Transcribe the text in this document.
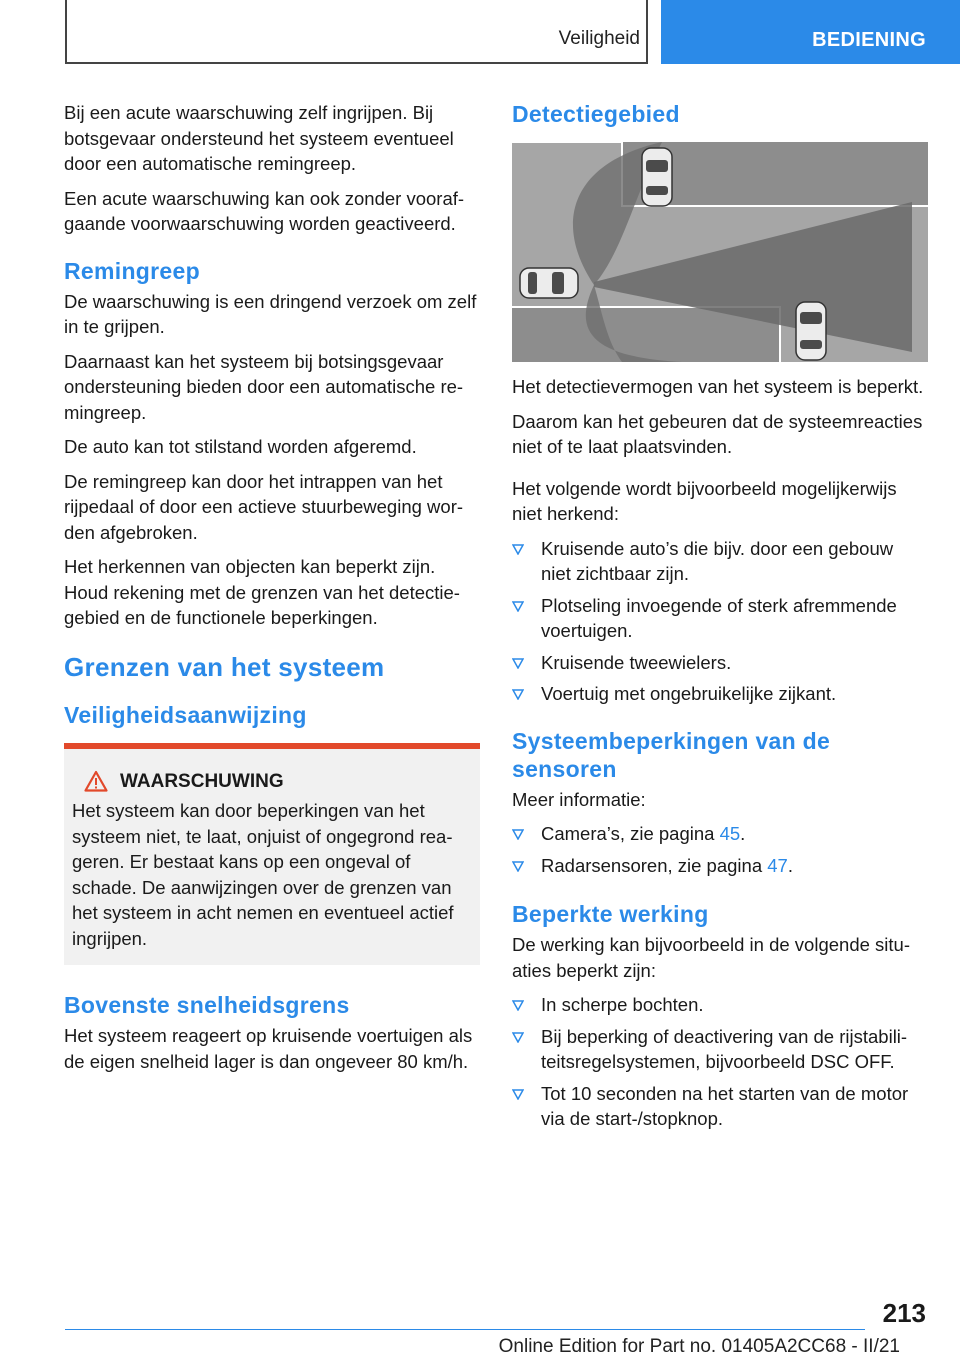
Veiligheid	BEDIENING

Bij een acute waarschuwing zelf ingrijpen. Bij botsgevaar ondersteund het systeem eventueel door een automatische remingreep.

Een acute waarschuwing kan ook zonder voorafgaande voorwaarschuwing worden geactiveerd.

Remingreep

De waarschuwing is een dringend verzoek om zelf in te grijpen.

Daarnaast kan het systeem bij botsingsgevaar ondersteuning bieden door een automatische remingreep.

De auto kan tot stilstand worden afgeremd.

De remingreep kan door het intrappen van het rijpedaal of door een actieve stuurbeweging worden afgebroken.

Het herkennen van objecten kan beperkt zijn. Houd rekening met de grenzen van het detectiegebied en de functionele beperkingen.

Grenzen van het systeem
Veiligheidsaanwijzing
WAARSCHUWING

Het systeem kan door beperkingen van het systeem niet, te laat, onjuist of ongegrond reageren. Er bestaat kans op een ongeval of schade. De aanwijzingen over de grenzen van het systeem in acht nemen en eventueel actief ingrijpen.

Bovenste snelheidsgrens

Het systeem reageert op kruisende voertuigen als de eigen snelheid lager is dan ongeveer 80 km/h.

Detectiegebied

Het detectievermogen van het systeem is beperkt.

Daarom kan het gebeuren dat de systeemreacties niet of te laat plaatsvinden.

Het volgende wordt bijvoorbeeld mogelijkerwijs niet herkend:

Kruisende auto’s die bijv. door een gebouw niet zichtbaar zijn.
Plotseling invoegende of sterk afremmende voertuigen.
Kruisende tweewielers.
Voertuig met ongebruikelijke zijkant.
Systeembeperkingen van de sensoren

Meer informatie:

Camera’s, zie pagina 45.
Radarsensoren, zie pagina 47.
Beperkte werking

De werking kan bijvoorbeeld in de volgende situaties beperkt zijn:

In scherpe bochten.
Bij beperking of deactivering van de rijstabiliteitsregelsystemen, bijvoorbeeld DSC OFF.
Tot 10 seconden na het starten van de motor via de start-/stopknop.
213
Online Edition for Part no. 01405A2CC68 - II/21
